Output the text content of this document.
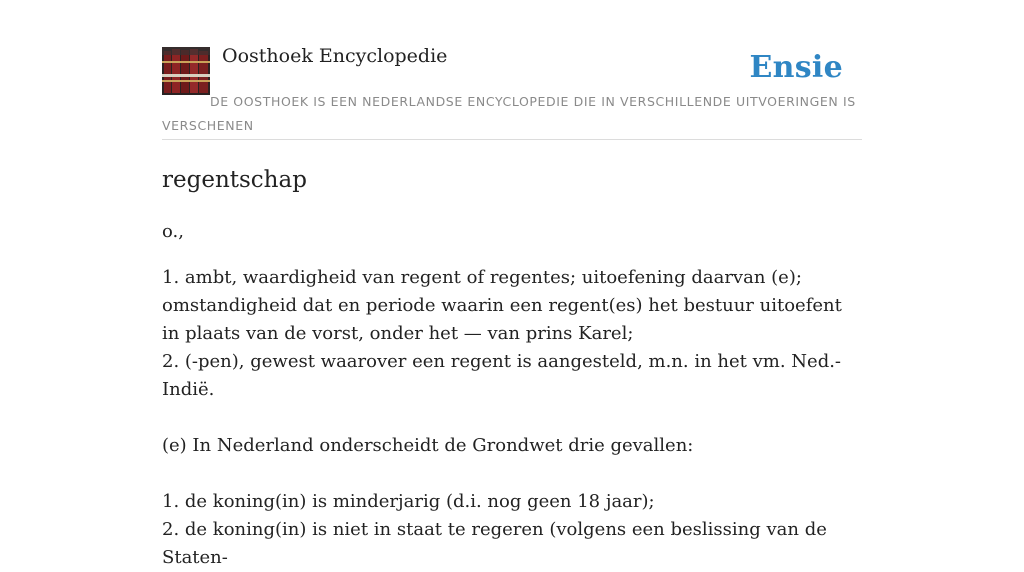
Oosthoek Encyclopedie	Ensie
DE OOSTHOEK IS EEN NEDERLANDSE ENCYCLOPEDIE DIE IN VERSCHILLENDE UITVOERINGEN IS VERSCHENEN
regentschap
o.,

1. ambt, waardigheid van regent of regentes; uitoefening daarvan (e); omstandigheid dat en periode waarin een regent(es) het bestuur uitoefent in plaats van de vorst, onder het — van prins Karel;

2. (-pen), gewest waarover een regent is aangesteld, m.n. in het vm. Ned.-Indië.

(e) In Nederland onderscheidt de Grondwet drie gevallen:

1. de koning(in) is minderjarig (d.i. nog geen 18 jaar);

2. de koning(in) is niet in staat te regeren (volgens een beslissing van de Staten-
